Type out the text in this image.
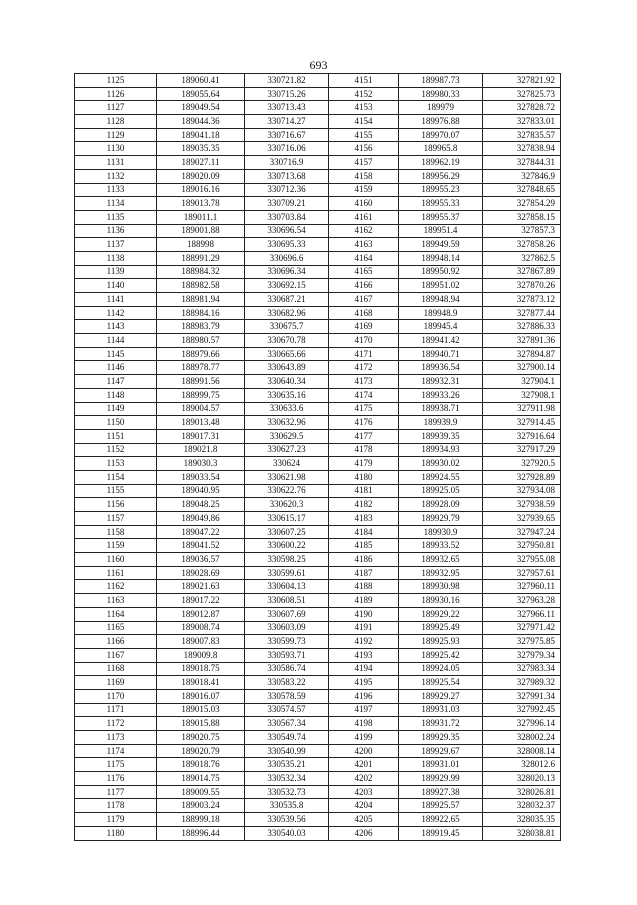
693
1125	189060.41	330721.82	4151	189987.73	327821.92
1126	189055.64	330715.26	4152	189980.33	327825.73
1127	189049.54	330713.43	4153	189979	327828.72
1128	189044.36	330714.27	4154	189976.88	327833.01
1129	189041.18	330716.67	4155	189970.07	327835.57
1130	189035.35	330716.06	4156	189965.8	327838.94
1131	189027.11	330716.9	4157	189962.19	327844.31
1132	189020.09	330713.68	4158	189956.29	327846.9
1133	189016.16	330712.36	4159	189955.23	327848.65
1134	189013.78	330709.21	4160	189955.33	327854.29
1135	189011.1	330703.84	4161	189955.37	327858.15
1136	189001.88	330696.54	4162	189951.4	327857.3
1137	188998	330695.33	4163	189949.59	327858.26
1138	188991.29	330696.6	4164	189948.14	327862.5
1139	188984.32	330696.34	4165	189950.92	327867.89
1140	188982.58	330692.15	4166	189951.02	327870.26
1141	188981.94	330687.21	4167	189948.94	327873.12
1142	188984.16	330682.96	4168	189948.9	327877.44
1143	188983.79	330675.7	4169	189945.4	327886.33
1144	188980.57	330670.78	4170	189941.42	327891.36
1145	188979.66	330665.66	4171	189940.71	327894.87
1146	188978.77	330643.89	4172	189936.54	327900.14
1147	188991.56	330640.34	4173	189932.31	327904.1
1148	188999.75	330635.16	4174	189933.26	327908.1
1149	189004.57	330633.6	4175	189938.71	327911.98
1150	189013.48	330632.96	4176	189939.9	327914.45
1151	189017.31	330629.5	4177	189939.35	327916.64
1152	189021.8	330627.23	4178	189934.93	327917.29
1153	189030.3	330624	4179	189930.02	327920.5
1154	189033.54	330621.98	4180	189924.55	327928.89
1155	189040.95	330622.76	4181	189925.05	327934.08
1156	189048.25	330620.3	4182	189928.09	327938.59
1157	189049.86	330615.17	4183	189929.79	327939.65
1158	189047.22	330607.25	4184	189930.9	327947.24
1159	189041.52	330600.22	4185	189933.52	327950.81
1160	189036.57	330598.25	4186	189932.65	327955.08
1161	189028.69	330599.61	4187	189932.95	327957.61
1162	189021.63	330604.13	4188	189930.98	327960.11
1163	189017.22	330608.51	4189	189930.16	327963.28
1164	189012.87	330607.69	4190	189929.22	327966.11
1165	189008.74	330603.09	4191	189925.49	327971.42
1166	189007.83	330599.73	4192	189925.93	327975.85
1167	189009.8	330593.71	4193	189925.42	327979.34
1168	189018.75	330586.74	4194	189924.05	327983.34
1169	189018.41	330583.22	4195	189925.54	327989.32
1170	189016.07	330578.59	4196	189929.27	327991.34
1171	189015.03	330574.57	4197	189931.03	327992.45
1172	189015.88	330567.34	4198	189931.72	327996.14
1173	189020.75	330549.74	4199	189929.35	328002.24
1174	189020.79	330540.99	4200	189929.67	328008.14
1175	189018.76	330535.21	4201	189931.01	328012.6
1176	189014.75	330532.34	4202	189929.99	328020.13
1177	189009.55	330532.73	4203	189927.38	328026.81
1178	189003.24	330535.8	4204	189925.57	328032.37
1179	188999.18	330539.56	4205	189922.65	328035.35
1180	188996.44	330540.03	4206	189919.45	328038.81
